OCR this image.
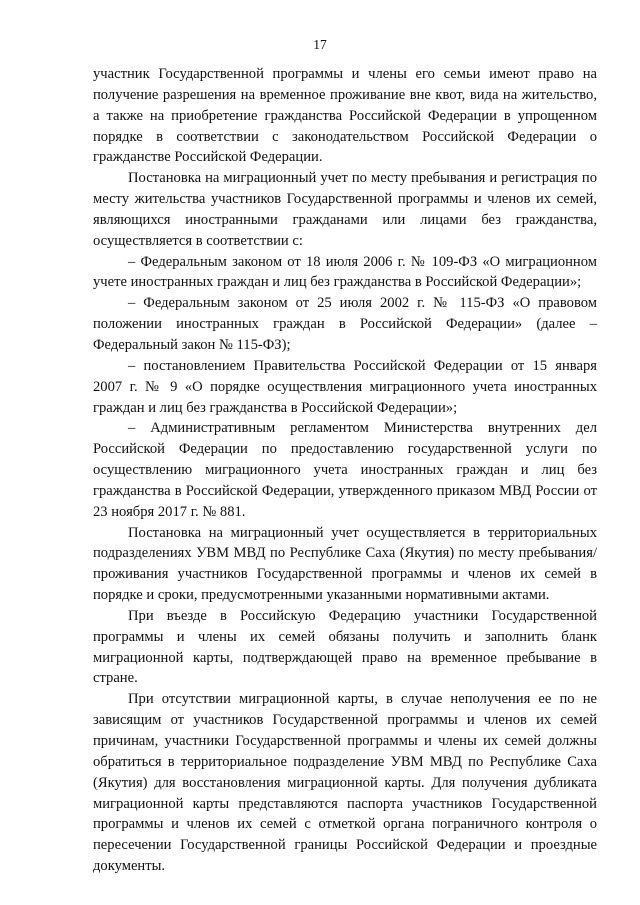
17

участник Государственной программы и члены его семьи имеют право на получение разрешения на временное проживание вне квот, вида на жительство, а также на приобретение гражданства Российской Федерации в упрощенном порядке в соответствии с законодательством Российской Федерации о гражданстве Российской Федерации.

Постановка на миграционный учет по месту пребывания и регистрация по месту жительства участников Государственной программы и членов их семей, являющихся иностранными гражданами или лицами без гражданства, осуществляется в соответствии с:

– Федеральным законом от 18 июля 2006 г. № 109-ФЗ «О миграционном учете иностранных граждан и лиц без гражданства в Российской Федерации»;

– Федеральным законом от 25 июля 2002 г. № 115-ФЗ «О правовом положении иностранных граждан в Российской Федерации» (далее – Федеральный закон № 115-ФЗ);

– постановлением Правительства Российской Федерации от 15 января 2007 г. № 9 «О порядке осуществления миграционного учета иностранных граждан и лиц без гражданства в Российской Федерации»;

– Административным регламентом Министерства внутренних дел Российской Федерации по предоставлению государственной услуги по осуществлению миграционного учета иностранных граждан и лиц без гражданства в Российской Федерации, утвержденного приказом МВД России от 23 ноября 2017 г. № 881.

Постановка на миграционный учет осуществляется в территориальных подразделениях УВМ МВД по Республике Саха (Якутия) по месту пребывания/проживания участников Государственной программы и членов их семей в порядке и сроки, предусмотренными указанными нормативными актами.

При въезде в Российскую Федерацию участники Государственной программы и члены их семей обязаны получить и заполнить бланк миграционной карты, подтверждающей право на временное пребывание в стране.

При отсутствии миграционной карты, в случае неполучения ее по не зависящим от участников Государственной программы и членов их семей причинам, участники Государственной программы и члены их семей должны обратиться в территориальное подразделение УВМ МВД по Республике Саха (Якутия) для восстановления миграционной карты. Для получения дубликата миграционной карты представляются паспорта участников Государственной программы и членов их семей с отметкой органа пограничного контроля о пересечении Государственной границы Российской Федерации и проездные документы.
